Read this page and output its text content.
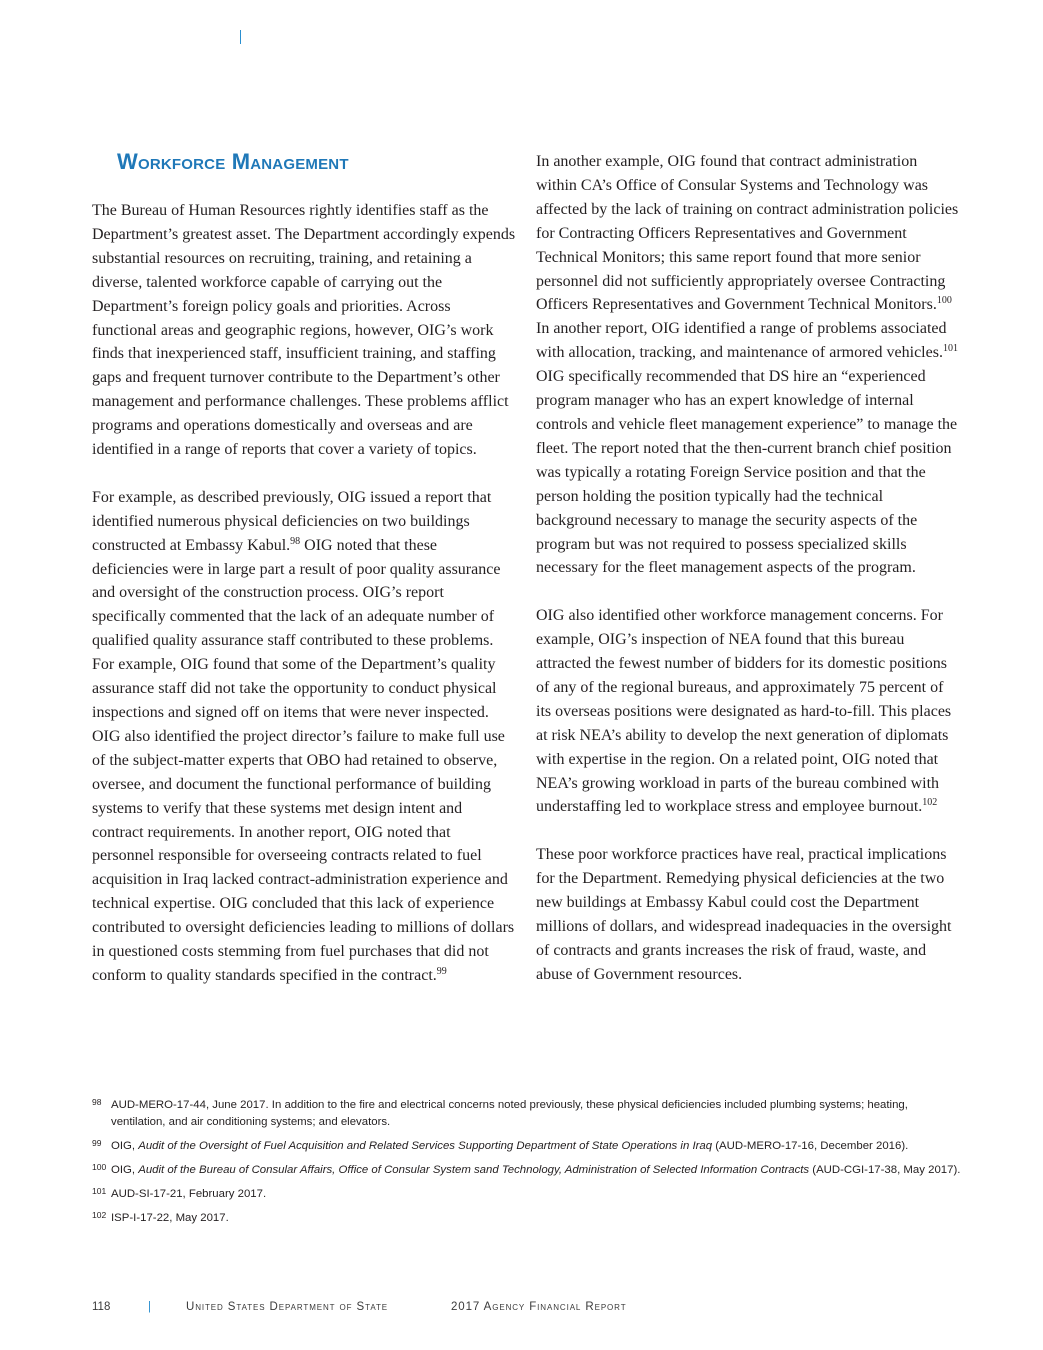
Workforce Management

The Bureau of Human Resources rightly identifies staff as the Department’s greatest asset. The Department accordingly expends substantial resources on recruiting, training, and retaining a diverse, talented workforce capable of carrying out the Department’s foreign policy goals and priorities. Across functional areas and geographic regions, however, OIG’s work finds that inexperienced staff, insufficient training, and staffing gaps and frequent turnover contribute to the Department’s other management and performance challenges. These problems afflict programs and operations domestically and overseas and are identified in a range of reports that cover a variety of topics.

For example, as described previously, OIG issued a report that identified numerous physical deficiencies on two buildings constructed at Embassy Kabul.$^{98}$ OIG noted that these deficiencies were in large part a result of poor quality assurance and oversight of the construction process. OIG’s report specifically commented that the lack of an adequate number of qualified quality assurance staff contributed to these problems. For example, OIG found that some of the Department’s quality assurance staff did not take the opportunity to conduct physical inspections and signed off on items that were never inspected. OIG also identified the project director’s failure to make full use of the subject-matter experts that OBO had retained to observe, oversee, and document the functional performance of building systems to verify that these systems met design intent and contract requirements. In another report, OIG noted that personnel responsible for overseeing contracts related to fuel acquisition in Iraq lacked contract-administration experience and technical expertise. OIG concluded that this lack of experience contributed to oversight deficiencies leading to millions of dollars in questioned costs stemming from fuel purchases that did not conform to quality standards specified in the contract.$^{99}$

In another example, OIG found that contract administration within CA’s Office of Consular Systems and Technology was affected by the lack of training on contract administration policies for Contracting Officers Representatives and Government Technical Monitors; this same report found that more senior personnel did not sufficiently appropriately oversee Contracting Officers Representatives and Government Technical Monitors.$^{100}$ In another report, OIG identified a range of problems associated with allocation, tracking, and maintenance of armored vehicles.$^{101}$ OIG specifically recommended that DS hire an “experienced program manager who has an expert knowledge of internal controls and vehicle fleet management experience” to manage the fleet. The report noted that the then-current branch chief position was typically a rotating Foreign Service position and that the person holding the position typically had the technical background necessary to manage the security aspects of the program but was not required to possess specialized skills necessary for the fleet management aspects of the program.

OIG also identified other workforce management concerns. For example, OIG’s inspection of NEA found that this bureau attracted the fewest number of bidders for its domestic positions of any of the regional bureaus, and approximately 75 percent of its overseas positions were designated as hard-to-fill. This places at risk NEA’s ability to develop the next generation of diplomats with expertise in the region. On a related point, OIG noted that NEA’s growing workload in parts of the bureau combined with understaffing led to workplace stress and employee burnout.$^{102}$

These poor workforce practices have real, practical implications for the Department. Remedying physical deficiencies at the two new buildings at Embassy Kabul could cost the Department millions of dollars, and widespread inadequacies in the oversight of contracts and grants increases the risk of fraud, waste, and abuse of Government resources.

98 AUD-MERO-17-44, June 2017. In addition to the fire and electrical concerns noted previously, these physical deficiencies included plumbing systems; heating, ventilation, and air conditioning systems; and elevators.
99 OIG, Audit of the Oversight of Fuel Acquisition and Related Services Supporting Department of State Operations in Iraq (AUD-MERO-17-16, December 2016).
100 OIG, Audit of the Bureau of Consular Affairs, Office of Consular System sand Technology, Administration of Selected Information Contracts (AUD-CGI-17-38, May 2017).
101 AUD-SI-17-21, February 2017.
102 ISP-I-17-22, May 2017.
118	|	United States Department of State	2017 Agency Financial Report
